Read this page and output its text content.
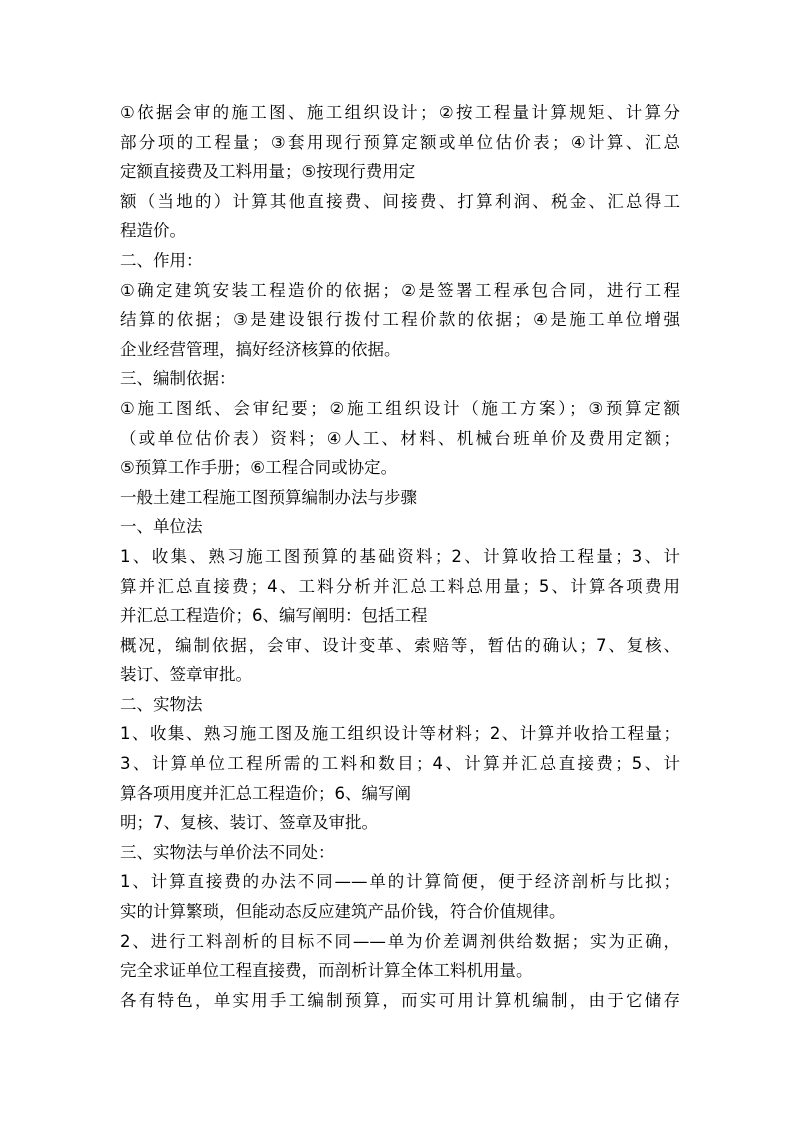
①依据会审的施工图、施工组织设计；②按工程量计算规矩、计算分
部分项的工程量；③套用现行预算定额或单位估价表；④计算、汇总
定额直接费及工料用量；⑤按现行费用定
额（当地的）计算其他直接费、间接费、打算利润、税金、汇总得工
程造价。
二、作用：
①确定建筑安装工程造价的依据；②是签署工程承包合同，进行工程
结算的依据；③是建设银行拨付工程价款的依据；④是施工单位增强
企业经营管理，搞好经济核算的依据。
三、编制依据：
①施工图纸、会审纪要；②施工组织设计（施工方案）；③预算定额
（或单位估价表）资料；④人工、材料、机械台班单价及费用定额；
⑤预算工作手册；⑥工程合同或协定。
一般土建工程施工图预算编制办法与步骤
一、单位法
1、收集、熟习施工图预算的基础资料；2、计算收拾工程量；3、计
算并汇总直接费；4、工料分析并汇总工料总用量；5、计算各项费用
并汇总工程造价；6、编写阐明：包括工程
概况，编制依据，会审、设计变革、索赔等，暂估的确认；7、复核、
装订、签章审批。
二、实物法
1、收集、熟习施工图及施工组织设计等材料；2、计算并收拾工程量；
3、计算单位工程所需的工料和数目；4、计算并汇总直接费；5、计
算各项用度并汇总工程造价；6、编写阐
明；7、复核、装订、签章及审批。
三、实物法与单价法不同处：
1、计算直接费的办法不同——单的计算简便，便于经济剖析与比拟；
实的计算繁琐，但能动态反应建筑产品价钱，符合价值规律。
2、进行工料剖析的目标不同——单为价差调剂供给数据；实为正确，
完全求证单位工程直接费，而剖析计算全体工料机用量。
各有特色，单实用手工编制预算，而实可用计算机编制，由于它储存
